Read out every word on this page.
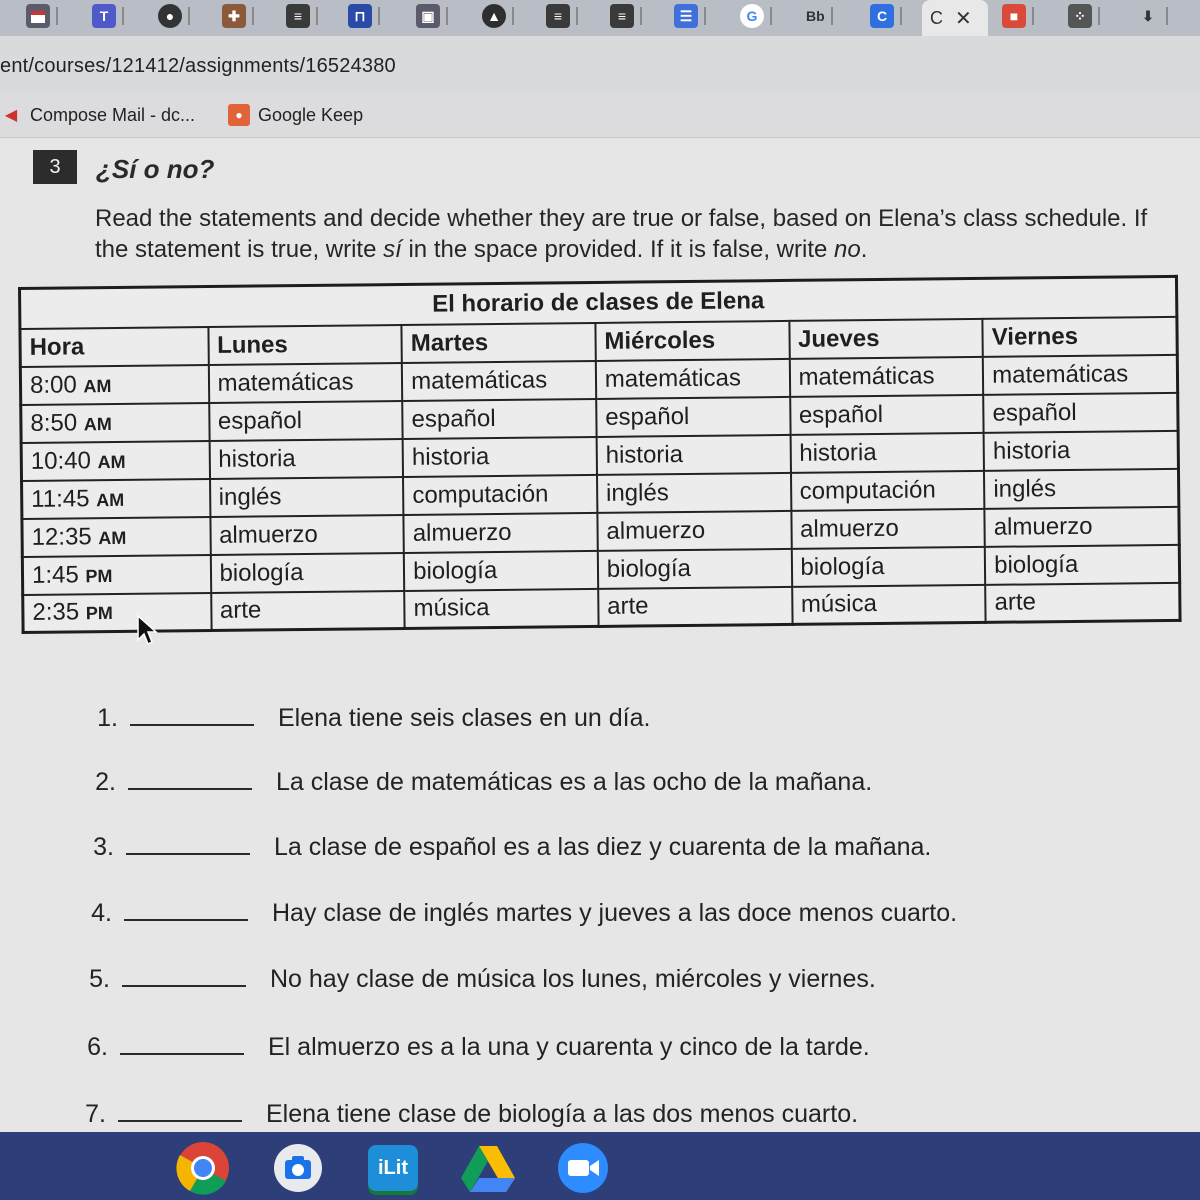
T	●	✚	≡	⊓	▣	▲	≡	≡	☰	G	Bb	C	C ✕	■	⁘	⬇
ent/courses/121412/assignments/16524380
◀ Compose Mail - dc...	● Google Keep
3	¿Sí o no?

Read the statements and decide whether they are true or false, based on Elena’s class schedule. If the statement is true, write sí in the space provided. If it is false, write no.

El horario de clases de Elena					
Hora	Lunes	Martes	Miércoles	Jueves	Viernes
8:00 AM	matemáticas	matemáticas	matemáticas	matemáticas	matemáticas
8:50 AM	español	español	español	español	español
10:40 AM	historia	historia	historia	historia	historia
11:45 AM	inglés	computación	inglés	computación	inglés
12:35 AM	almuerzo	almuerzo	almuerzo	almuerzo	almuerzo
1:45 PM	biología	biología	biología	biología	biología
2:35 PM	arte	música	arte	música	arte
1.	Elena tiene seis clases en un día.
2.	La clase de matemáticas es a las ocho de la mañana.
3.	La clase de español es a las diez y cuarenta de la mañana.
4.	Hay clase de inglés martes y jueves a las doce menos cuarto.
5.	No hay clase de música los lunes, miércoles y viernes.
6.	El almuerzo es a la una y cuarenta y cinco de la tarde.
7.	Elena tiene clase de biología a las dos menos cuarto.
iLit
